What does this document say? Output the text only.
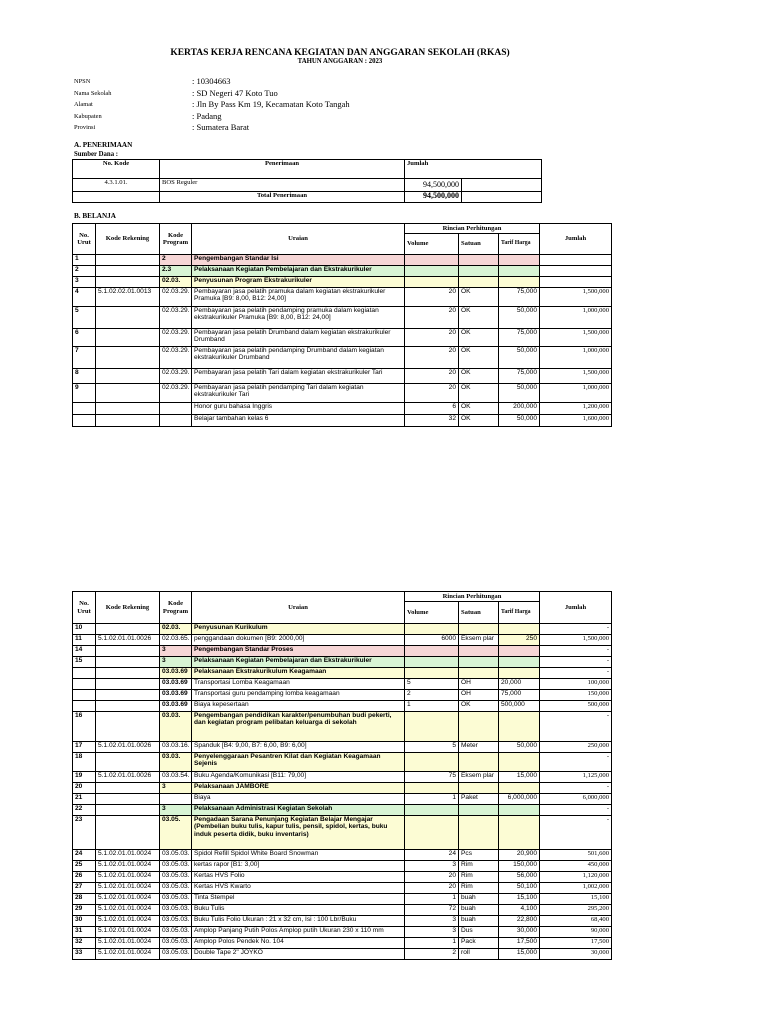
KERTAS KERJA RENCANA KEGIATAN DAN ANGGARAN SEKOLAH (RKAS)
TAHUN ANGGARAN : 2023
NPSN	: 10304663
Nama Sekolah	: SD Negeri 47 Koto Tuo
Alamat	: Jln By Pass Km 19, Kecamatan Koto Tangah
Kabupaten	: Padang
Provinsi	: Sumatera Barat
A. PENERIMAAN
Sumber Dana :
No. Kode	Penerimaan	Jumlah	
4.3.1.01.	BOS Reguler	94,500,000	
	Total Penerimaan	94,500,000	
B. BELANJA
No. Urut	Kode Rekening	Kode Program	Uraian	Rincian Perhitungan			Jumlah
				Volume	Satuan	Tarif Harga	
1		2	Pengembangan Standar Isi				
2		2.3	Pelaksanaan Kegiatan Pembelajaran dan Ekstrakurikuler				
3		02.03.	Penyusunan Program Ekstrakurikuler				
4	5.1.02.02.01.0013	02.03.29.	Pembayaran jasa pelatih pramuka dalam kegiatan ekstrakurikuler Pramuka [B9: 8,00, B12: 24,00]	20	OK	75,000	1,500,000
5		02.03.29.	Pembayaran jasa pelatih pendamping pramuka dalam kegiatan ekstrakurikuler Pramuka [B9: 8,00, B12: 24,00]	20	OK	50,000	1,000,000
6		02.03.29.	Pembayaran jasa pelatih Drumband dalam kegiatan ekstrakurikuler Drumband	20	OK	75,000	1,500,000
7		02.03.29.	Pembayaran jasa pelatih pendamping Drumband dalam kegiatan ekstrakurikuler Drumband	20	OK	50,000	1,000,000
8		02.03.29.	Pembayaran jasa pelatih Tari dalam kegiatan ekstrakurikuler Tari	20	OK	75,000	1,500,000
9		02.03.29.	Pembayaran jasa pelatih pendamping Tari dalam kegiatan ekstrakurikuler Tari	20	OK	50,000	1,000,000
			Honor guru bahasa Inggris	6	OK	200,000	1,200,000
			Belajar tambahan kelas 6	32	OK	50,000	1,600,000
No. Urut	Kode Rekening	Kode Program	Uraian	Rincian Perhitungan			Jumlah
				Volume	Satuan	Tarif Harga	
10		02.03.	Penyusunan Kurikulum				-
11	5.1.02.01.01.0026	02.03.65.	penggandaan dokumen [B9: 2000,00]	6000	Eksem plar	250	1,500,000
14		3	Pengembangan Standar Proses				-
15		3	Pelaksanaan Kegiatan Pembelajaran dan Ekstrakurikuler				-
		03.03.69	Pelaksanaan Ekstrakurikulum Keagamaan				-
		03.03.69	Transportasi Lomba Keagamaan	5	OH	20,000	100,000
		03.03.69	Transportasi guru pendamping lomba keagamaan	2	OH	75,000	150,000
		03.03.69	Biaya kepesertaan	1	OK	500,000	500,000
16		03.03.	Pengembangan pendidikan karakter/penumbuhan budi pekerti, dan kegiatan program pelibatan keluarga di sekolah				-
17	5.1.02.01.01.0026	03.03.16.	Spanduk [B4: 9,00, B7: 6,00, B9: 6,00]	5	Meter	50,000	250,000
18		03.03.	Penyelenggaraan Pesantren Kilat dan Kegiatan Keagamaan Sejenis				-
19	5.1.02.01.01.0026	03.03.54.	Buku Agenda/Komunikasi [B11: 79,00]	75	Eksem plar	15,000	1,125,000
20		3	Pelaksanaan JAMBORE				-
21			Biaya	1	Paket	6,000,000	6,000,000
22		3	Pelaksanaan Administrasi Kegiatan Sekolah				-
23		03.05.	Pengadaan Sarana Penunjang Kegiatan Belajar Mengajar (Pembelian buku tulis, kapur tulis, pensil, spidol, kertas, buku induk peserta didik, buku inventaris)				-
24	5.1.02.01.01.0024	03.05.03.	Spidol Refill Spidol White Board Snowman	24	Pcs	20,900	501,600
25	5.1.02.01.01.0024	03.05.03.	kertas rapor [B1: 3,00]	3	Rim	150,000	450,000
26	5.1.02.01.01.0024	03.05.03.	Kertas HVS Folio	20	Rim	56,000	1,120,000
27	5.1.02.01.01.0024	03.05.03.	Kertas HVS Kwarto	20	Rim	50,100	1,002,000
28	5.1.02.01.01.0024	03.05.03.	Tinta Stempel	1	buah	15,100	15,100
29	5.1.02.01.01.0024	03.05.03.	Buku Tulis	72	buah	4,100	295,200
30	5.1.02.01.01.0024	03.05.03.	Buku Tulis Folio Ukuran : 21 x 32 cm, Isi : 100 Lbr/Buku	3	buah	22,800	68,400
31	5.1.02.01.01.0024	03.05.03.	Amplop Panjang Putih Polos Amplop putih Ukuran 230 x 110 mm	3	Dus	30,000	90,000
32	5.1.02.01.01.0024	03.05.03.	Amplop Polos Pendek No. 104	1	Pack	17,500	17,500
33	5.1.02.01.01.0024	03.05.03.	Double Tape 2" JOYKO	2	roll	15,000	30,000
